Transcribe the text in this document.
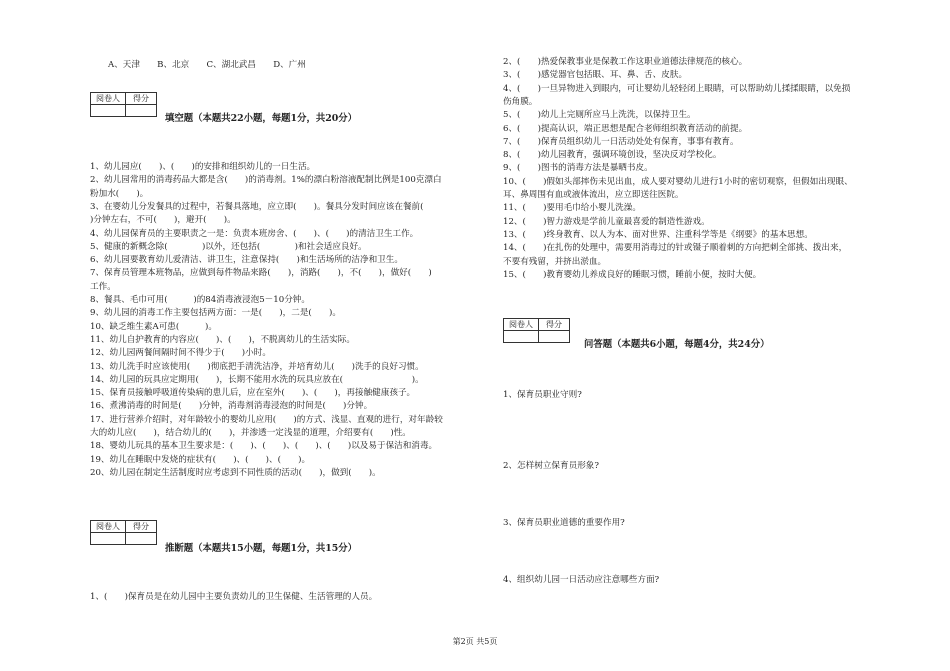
A、天津　　B、北京　　C、湖北武昌　　D、广州
阅卷人	得分

填空题（本题共22小题，每题1分，共20分）
1、幼儿园应(　　)、(　　)的安排和组织幼儿的一日生活。
2、幼儿园常用的消毒药品大都是含(　　)的消毒剂。1%的漂白粉溶液配制比例是100克漂白
粉加水(　　)。
3、在婴幼儿分发餐具的过程中，若餐具落地，应立即(　　)。餐具分发时间应该在餐前(　　
)分钟左右，不可(　　)，避开(　　)。
4、幼儿园保育员的主要职责之一是：负责本班房舍、(　　)、(　　)的清洁卫生工作。
5、健康的新概念除(　　　　)以外，还包括(　　　　)和社会适应良好。
6、幼儿园要教育幼儿爱清洁、讲卫生，注意保持(　　)和生活场所的洁净和卫生。
7、保育员管理本班物品，应做到每件物品来路(　　)，消路(　　)，不(　　)，做好(　　)
工作。
8、餐具、毛巾可用(　　　)的84消毒液浸泡5－10分钟。
9、幼儿园的消毒工作主要包括两方面：一是(　　)，二是(　　)。
10、缺乏维生素A可患(　　　)。
11、幼儿自护教育的内容应(　　)、(　　)，不脱离幼儿的生活实际。
12、幼儿园两餐间隔时间不得少于(　　)小时。
13、幼儿洗手时应该使用(　　)彻底把手清洗洁净，并培育幼儿(　　)洗手的良好习惯。
14、幼儿园的玩具应定期用(　　)，长期不能用水洗的玩具应放在(　　　　　　　　)。
15、保育员接触呼吸道传染病的患儿后，应在室外(　　)、(　　)，再接触健康孩子。
16、煮沸消毒的时间是(　　)分钟，消毒剂消毒浸泡的时间是(　　)分钟。
17、进行营养介绍时，对年龄较小的婴幼儿应用(　　)的方式、浅显、直观的进行，对年龄较
大的幼儿应(　　)，结合幼儿的(　　)，并渗透一定浅显的道理，介绍要有(　　)性。
18、婴幼儿玩具的基本卫生要求是：(　　)、(　　)、(　　)、(　　)以及易于保洁和消毒。
19、幼儿在睡眠中发烧的症状有(　　)、(　　)、(　　)。
20、幼儿园在制定生活制度时应考虑到不同性质的活动(　　)，做到(　　)。
阅卷人	得分

推断题（本题共15小题，每题1分，共15分）
1、(　　)保育员是在幼儿园中主要负责幼儿的卫生保健、生活管理的人员。
2、(　　)热爱保教事业是保教工作这职业道德法律规范的核心。
3、(　　)感觉器官包括眼、耳、鼻、舌、皮肤。
4、(　　)一旦异物进入到眼内，可让婴幼儿轻轻闭上眼睛，可以帮助幼儿揉揉眼睛，以免损
伤角膜。
5、(　　)幼儿上完厕所应马上洗洗，以保持卫生。
6、(　　)提高认识，端正思想是配合老师组织教育活动的前提。
7、(　　)保育员组织幼儿一日活动处处有保育，事事有教育。
8、(　　)幼儿园教育，强调环境创设，坚决反对学校化。
9、(　　)图书的消毒方法是暴晒书皮。
10、(　　)假如头部摔伤未见出血，成人要对婴幼儿进行1小时的密切观察，但假如出现眼、
耳、鼻周围有血或液体流出，应立即送往医院。
11、(　　)要用毛巾给小婴儿洗澡。
12、(　　)智力游戏是学前儿童最喜爱的制造性游戏。
13、(　　)终身教育、以人为本、面对世界、注重科学等是《纲要》的基本思想。
14、(　　)在扎伤的处理中，需要用消毒过的针或镊子顺着刺的方向把刺全部挑、拨出来，
不要有残留，并挤出淤血。
15、(　　)教育婴幼儿养成良好的睡眠习惯，睡前小便，按时大便。
阅卷人	得分

问答题（本题共6小题，每题4分，共24分）
1、保育员职业守则?
2、怎样树立保育员形象?
3、保育员职业道德的重要作用?
4、组织幼儿园一日活动应注意哪些方面?
第2页 共5页
